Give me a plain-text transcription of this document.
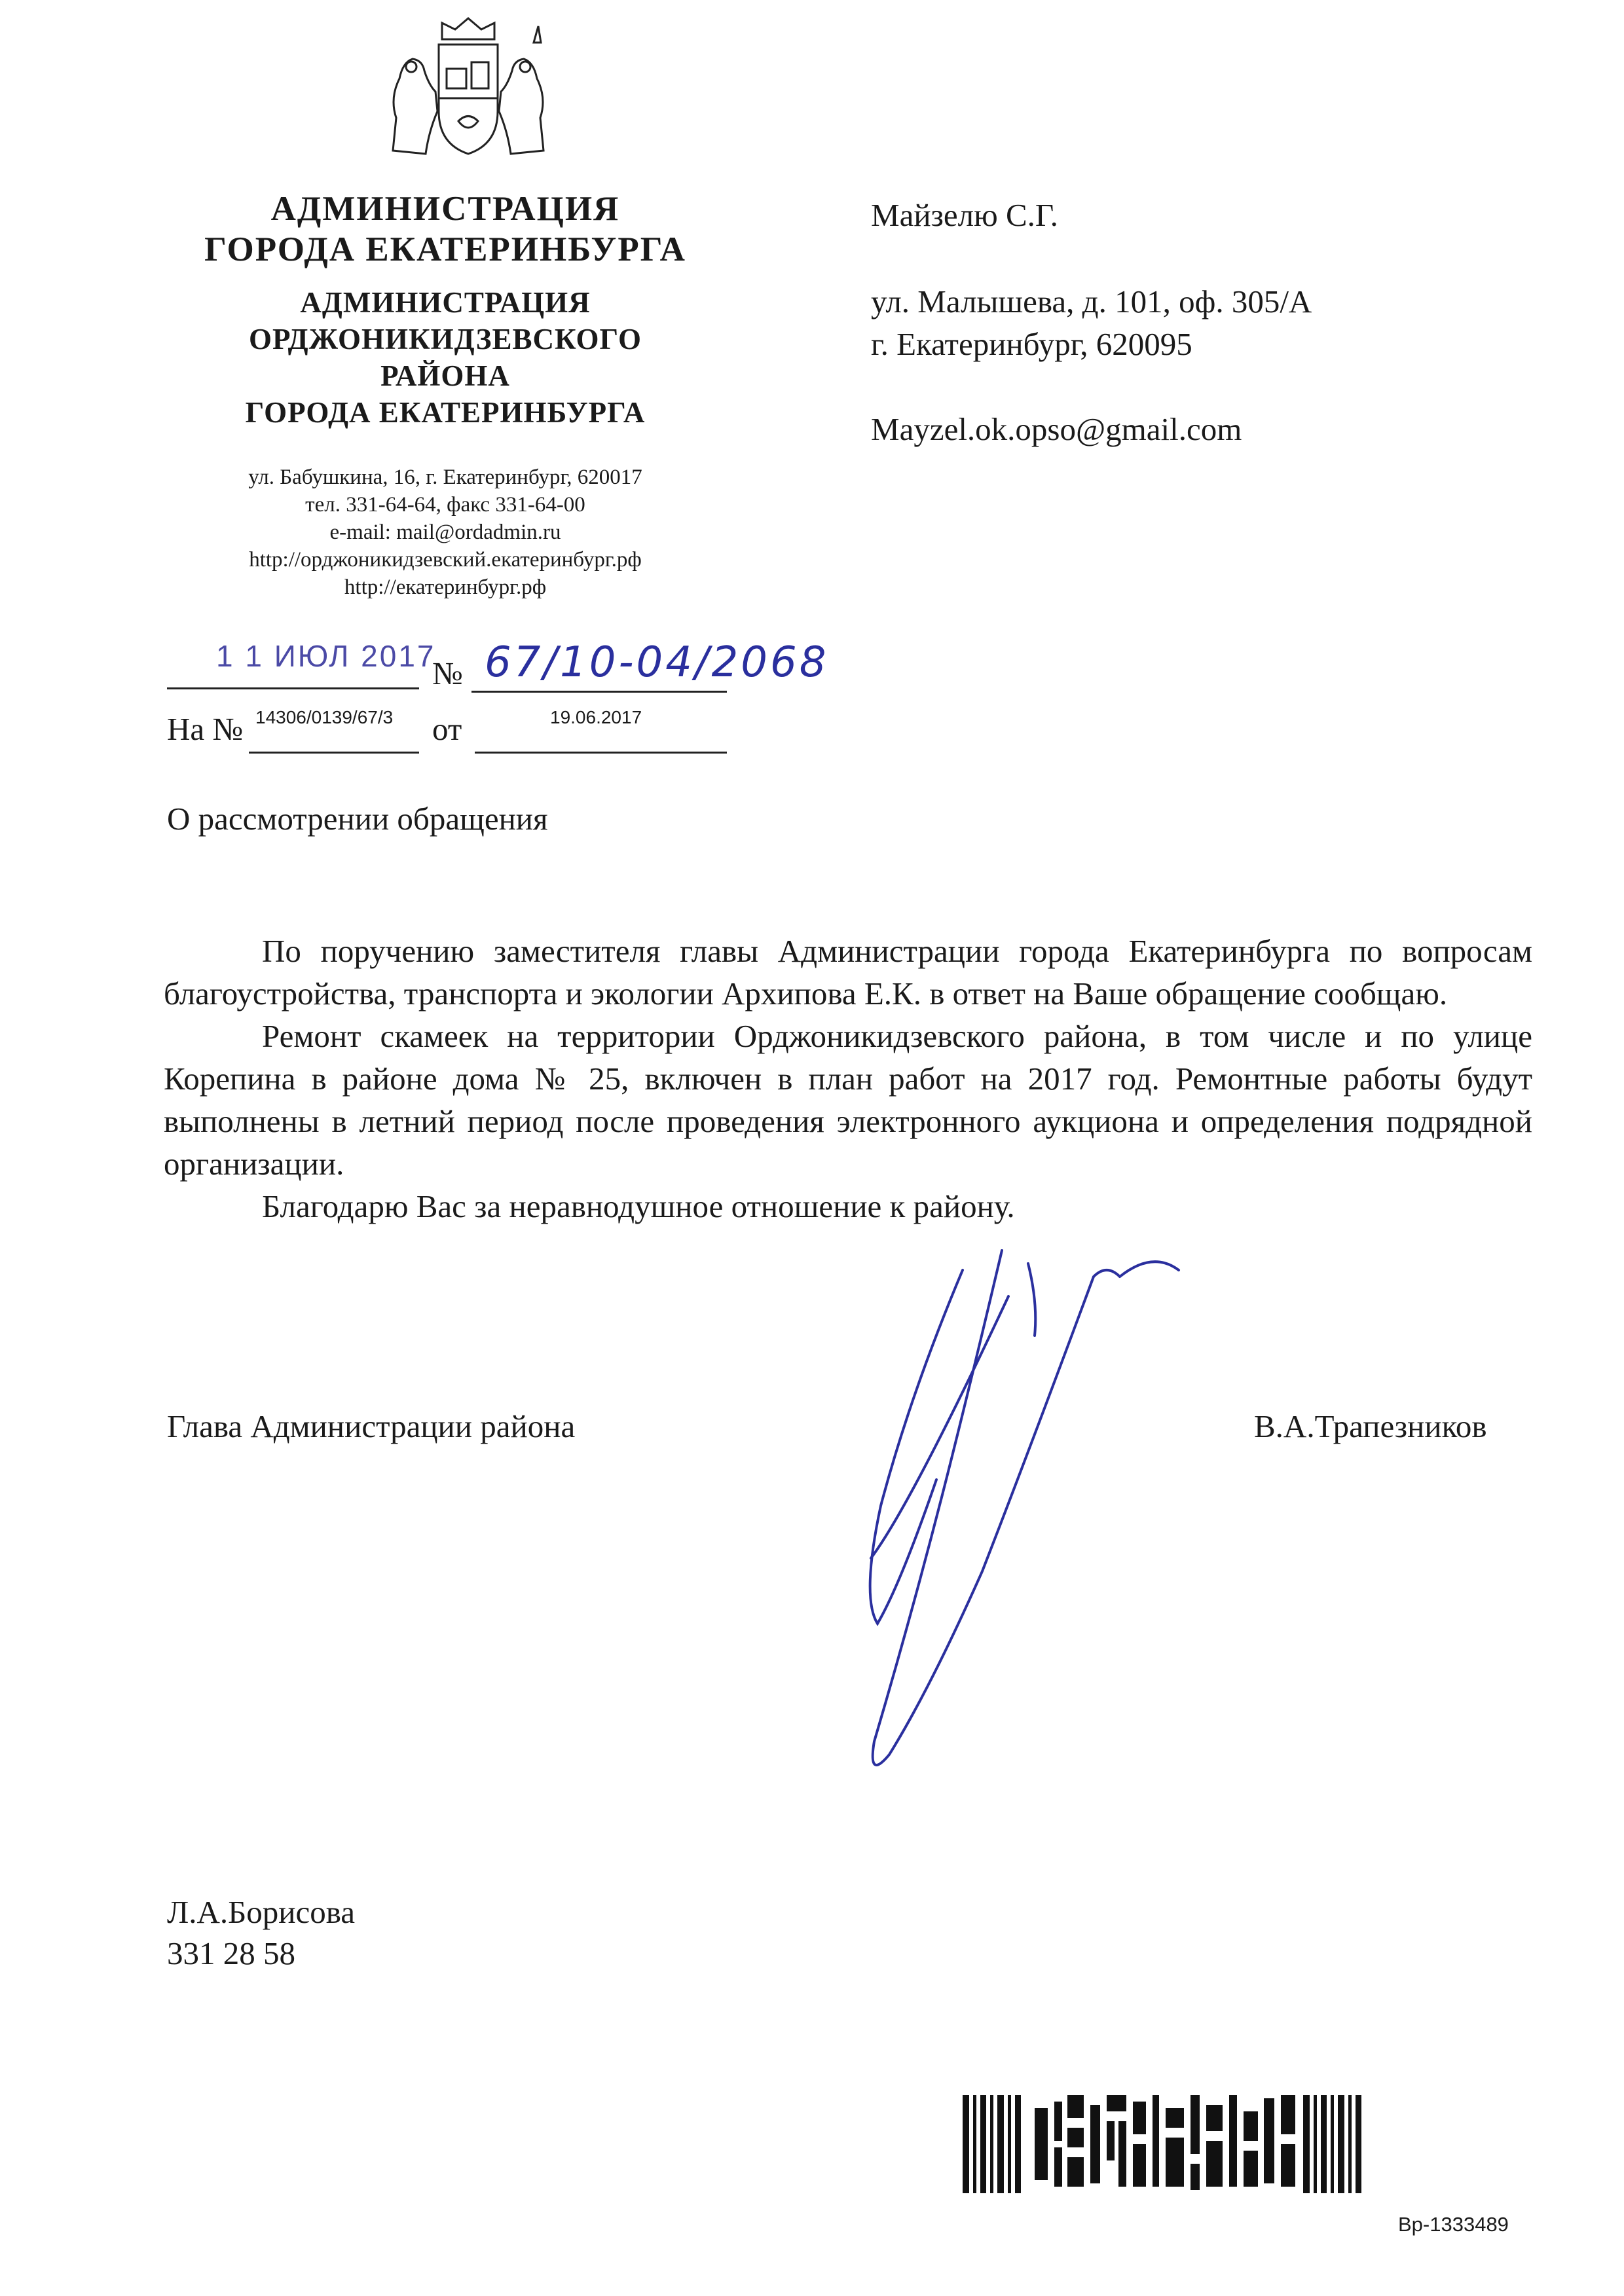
АДМИНИСТРАЦИЯ
ГОРОДА ЕКАТЕРИНБУРГА
АДМИНИСТРАЦИЯ
ОРДЖОНИКИДЗЕВСКОГО
РАЙОНА
ГОРОДА ЕКАТЕРИНБУРГА
ул. Бабушкина, 16, г. Екатеринбург, 620017
тел. 331-64-64, факс 331-64-00
e-mail: mail@ordadmin.ru
http://орджоникидзевский.екатеринбург.рф
http://екатеринбург.рф
Майзелю С.Г.
ул. Малышева, д. 101, оф. 305/А
г. Екатеринбург, 620095
Mayzel.ok.opso@gmail.com
1 1 ИЮЛ 2017
№ 67/10-04/2068
На № 14306/0139/67/3 от	19.06.2017
О рассмотрении обращения

По поручению заместителя главы Администрации города Екатеринбурга по вопросам благоустройства, транспорта и экологии Архипова Е.К. в ответ на Ваше обращение сообщаю.

Ремонт скамеек на территории Орджоникидзевского района, в том числе и по улице Корепина в районе дома № 25, включен в план работ на 2017 год. Ремонтные работы будут выполнены в летний период после проведения электронного аукциона и определения подрядной организации.

Благодарю Вас за неравнодушное отношение к району.

Глава Администрации района	В.А.Трапезников
Л.А.Борисова
331 28 58
Вр-1333489
